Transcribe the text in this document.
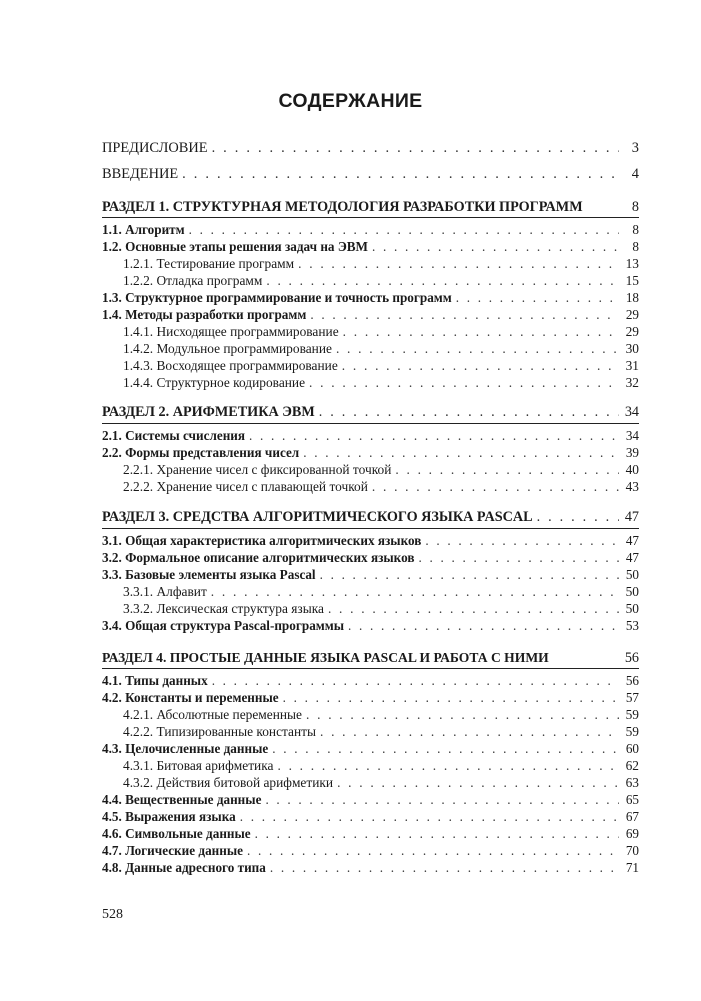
СОДЕРЖАНИЕ
ПРЕДИСЛОВИЕ . . .	3
ВВЕДЕНИЕ . . .	4
РАЗДЕЛ 1. СТРУКТУРНАЯ МЕТОДОЛОГИЯ РАЗРАБОТКИ ПРОГРАММ	8
1.1. Алгоритм . . .	8
1.2. Основные этапы решения задач на ЭВМ . . .	8
1.2.1. Тестирование программ . . .	13
1.2.2. Отладка программ . . .	15
1.3. Структурное программирование и точность программ . . .	18
1.4. Методы разработки программ . . .	29
1.4.1. Нисходящее программирование . . .	29
1.4.2. Модульное программирование . . .	30
1.4.3. Восходящее программирование . . .	31
1.4.4. Структурное кодирование . . .	32
РАЗДЕЛ 2. АРИФМЕТИКА ЭВМ . . .	34
2.1. Системы счисления . . .	34
2.2. Формы представления чисел . . .	39
2.2.1. Хранение чисел с фиксированной точкой . . .	40
2.2.2. Хранение чисел с плавающей точкой . . .	43
РАЗДЕЛ 3. СРЕДСТВА АЛГОРИТМИЧЕСКОГО ЯЗЫКА PASCAL . . .	47
3.1. Общая характеристика алгоритмических языков . . .	47
3.2. Формальное описание алгоритмических языков . . .	47
3.3. Базовые элементы языка Pascal . . .	50
3.3.1. Алфавит . . .	50
3.3.2. Лексическая структура языка . . .	50
3.4. Общая структура Pascal-программы . . .	53
РАЗДЕЛ 4. ПРОСТЫЕ ДАННЫЕ ЯЗЫКА PASCAL И РАБОТА С НИМИ	56
4.1. Типы данных . . .	56
4.2. Константы и переменные . . .	57
4.2.1. Абсолютные переменные . . .	59
4.2.2. Типизированные константы . . .	59
4.3. Целочисленные данные . . .	60
4.3.1. Битовая арифметика . . .	62
4.3.2. Действия битовой арифметики . . .	63
4.4. Вещественные данные . . .	65
4.5. Выражения языка . . .	67
4.6. Символьные данные . . .	69
4.7. Логические данные . . .	70
4.8. Данные адресного типа . . .	71
528
